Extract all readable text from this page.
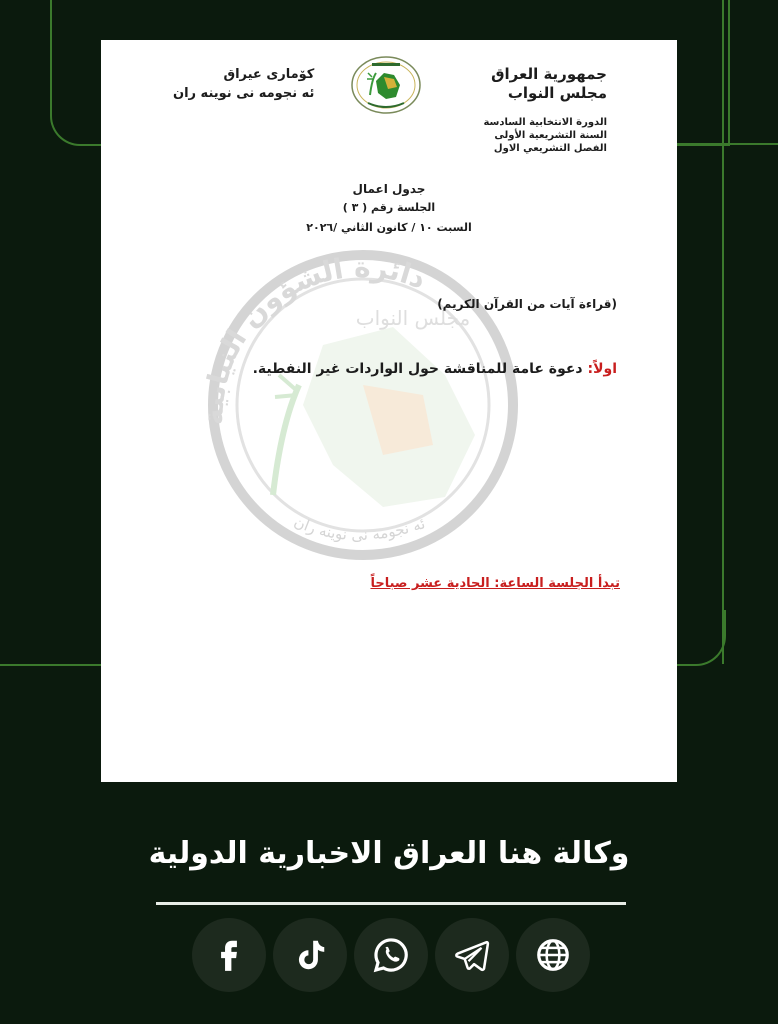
جمهورية العراق
مجلس النواب
الدورة الانتخابية السادسة
السنة التشريعية الأولى
الفصل التشريعي الاول
كۆمارى عيراق
ئه نجومه نى نوينه ران
دائرة الشؤون النيابية
مجلس النواب
ئه نجومه نى نوينه ران
جدول اعمال
الجلسة رقم ( ٣ )
السبت ١٠ / كانون الثاني /٢٠٢٦
(قراءة آيات من القرآن الكريم)
اولاً: دعوة عامة للمناقشة حول الواردات غير النفطية.
تبدأ الجلسة الساعة: الحادية عشر صباحاً
وكالة هنا العراق الاخبارية الدولية
